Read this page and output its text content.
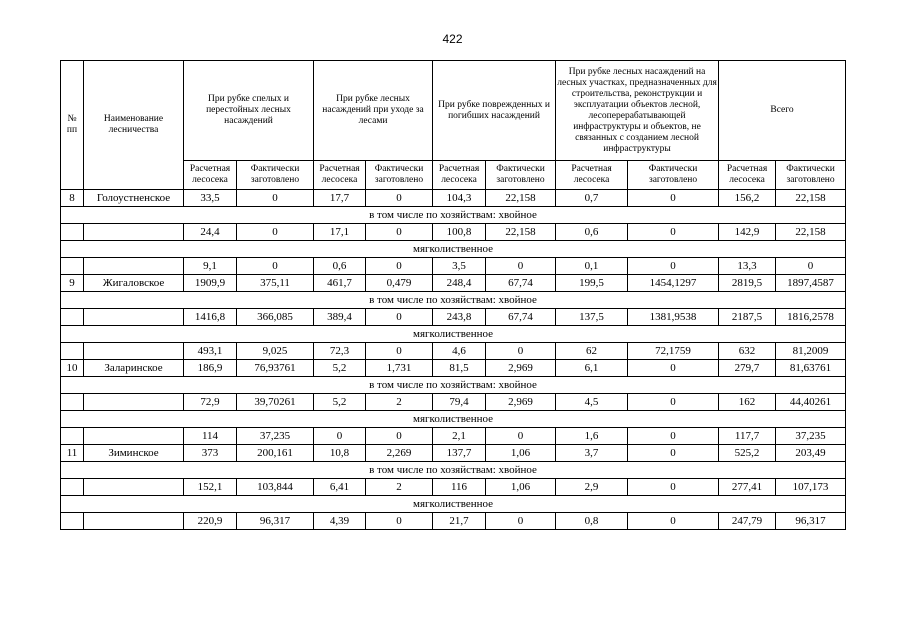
422
№ пп	Наименование лесничества	При рубке спелых и перестойных лесных насаждений		При рубке лесных насаждений при уходе за лесами		При рубке поврежденных и погибших насаждений		При рубке лесных насаждений на лесных участках, предназначенных для строительства, реконструкции и эксплуатации объектов лесной, лесоперерабатывающей инфраструктуры и объектов, не связанных с созданием лесной инфраструктуры		Всего	
		Расчетная лесосека	Фактически заготовлено	Расчетная лесосека	Фактически заготовлено	Расчетная лесосека	Фактически заготовлено	Расчетная лесосека	Фактически заготовлено	Расчетная лесосека	Фактически заготовлено
8	Голоустненское	33,5	0	17,7	0	104,3	22,158	0,7	0	156,2	22,158
в том числе по хозяйствам: хвойное											
		24,4	0	17,1	0	100,8	22,158	0,6	0	142,9	22,158
мягколиственное											
		9,1	0	0,6	0	3,5	0	0,1	0	13,3	0
9	Жигаловское	1909,9	375,11	461,7	0,479	248,4	67,74	199,5	1454,1297	2819,5	1897,4587
в том числе по хозяйствам: хвойное											
		1416,8	366,085	389,4	0	243,8	67,74	137,5	1381,9538	2187,5	1816,2578
мягколиственное											
		493,1	9,025	72,3	0	4,6	0	62	72,1759	632	81,2009
10	Заларинское	186,9	76,93761	5,2	1,731	81,5	2,969	6,1	0	279,7	81,63761
в том числе по хозяйствам: хвойное											
		72,9	39,70261	5,2	2	79,4	2,969	4,5	0	162	44,40261
мягколиственное											
		114	37,235	0	0	2,1	0	1,6	0	117,7	37,235
11	Зиминское	373	200,161	10,8	2,269	137,7	1,06	3,7	0	525,2	203,49
в том числе по хозяйствам: хвойное											
		152,1	103,844	6,41	2	116	1,06	2,9	0	277,41	107,173
мягколиственное											
		220,9	96,317	4,39	0	21,7	0	0,8	0	247,79	96,317
